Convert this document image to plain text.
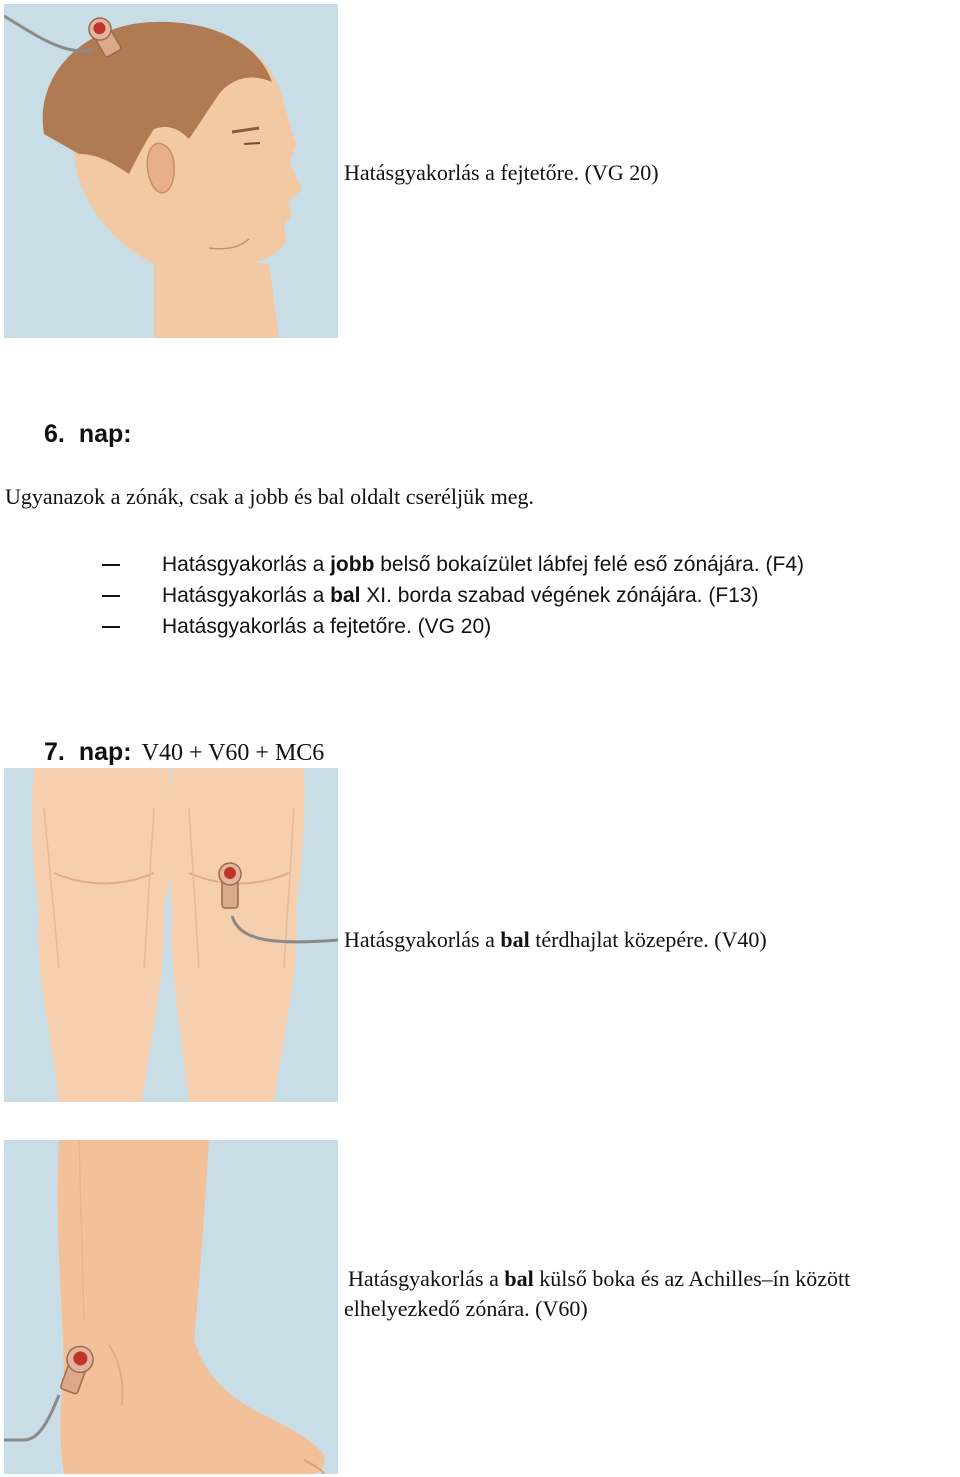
Hatásgyakorlás a fejtetőre. (VG 20)
6. nap:
Ugyanazok a zónák, csak a jobb és bal oldalt cseréljük meg.
Hatásgyakorlás a jobb belső bokaízület lábfej felé eső zónájára. (F4)
Hatásgyakorlás a bal XI. borda szabad végének zónájára. (F13)
Hatásgyakorlás a fejtetőre. (VG 20)
7. nap: V40 + V60 + MC6
Hatásgyakorlás a bal térdhajlat közepére. (V40)
Hatásgyakorlás a bal külső boka és az Achilles–ín között
elhelyezkedő zónára. (V60)
